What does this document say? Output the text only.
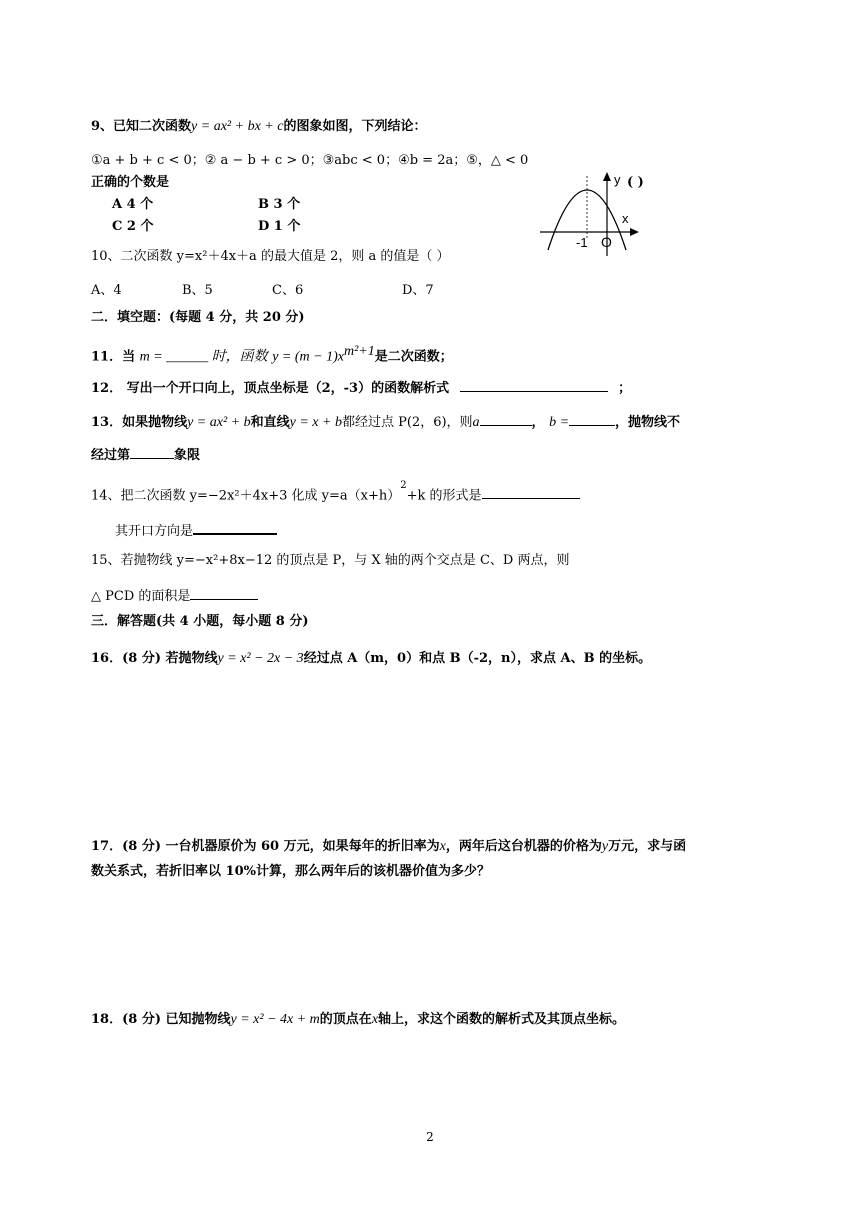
9、已知二次函数y = ax² + bx + c的图象如图，下列结论：
①a + b + c < 0；② a − b + c > 0；③abc < 0；④b = 2a；⑤，△ < 0
正确的个数是	( )
A 4 个	B 3 个
C 2 个	D 1 个
y
x
-1 O
10、二次函数 y=x²＋4x＋a 的最大值是 2，则 a 的值是（ ）
A、4	B、5	C、6	D、7
二．填空题：(每题 4 分，共 20 分)
11．当 m = ______ 时，函数 $y = (m - 1)x^{m^2+1}$是二次函数；
12． 写出一个开口向上，顶点坐标是（2，-3）的函数解析式	；
13．如果抛物线y = ax² + b和直线y = x + b都经过点 P(2，6)，则a	， b =	，抛物线不
经过第	象限
14、把二次函数 y=−2x²＋4x+3 化成 $y=a(x+h)^2+k$ 的形式是
其开口方向是
15、若抛物线 y=−x²+8x−12 的顶点是 P，与 X 轴的两个交点是 C、D 两点，则
△ PCD 的面积是
三．解答题(共 4 小题，每小题 8 分)
16．(8 分) 若抛物线y = x² − 2x − 3经过点 A（m，0）和点 B（-2，n），求点 A、B 的坐标。
17．(8 分) 一台机器原价为 60 万元，如果每年的折旧率为x，两年后这台机器的价格为y万元，求与函
数关系式，若折旧率以 10%计算，那么两年后的该机器价值为多少？
18．(8 分) 已知抛物线y = x² − 4x + m的顶点在x轴上，求这个函数的解析式及其顶点坐标。
2
